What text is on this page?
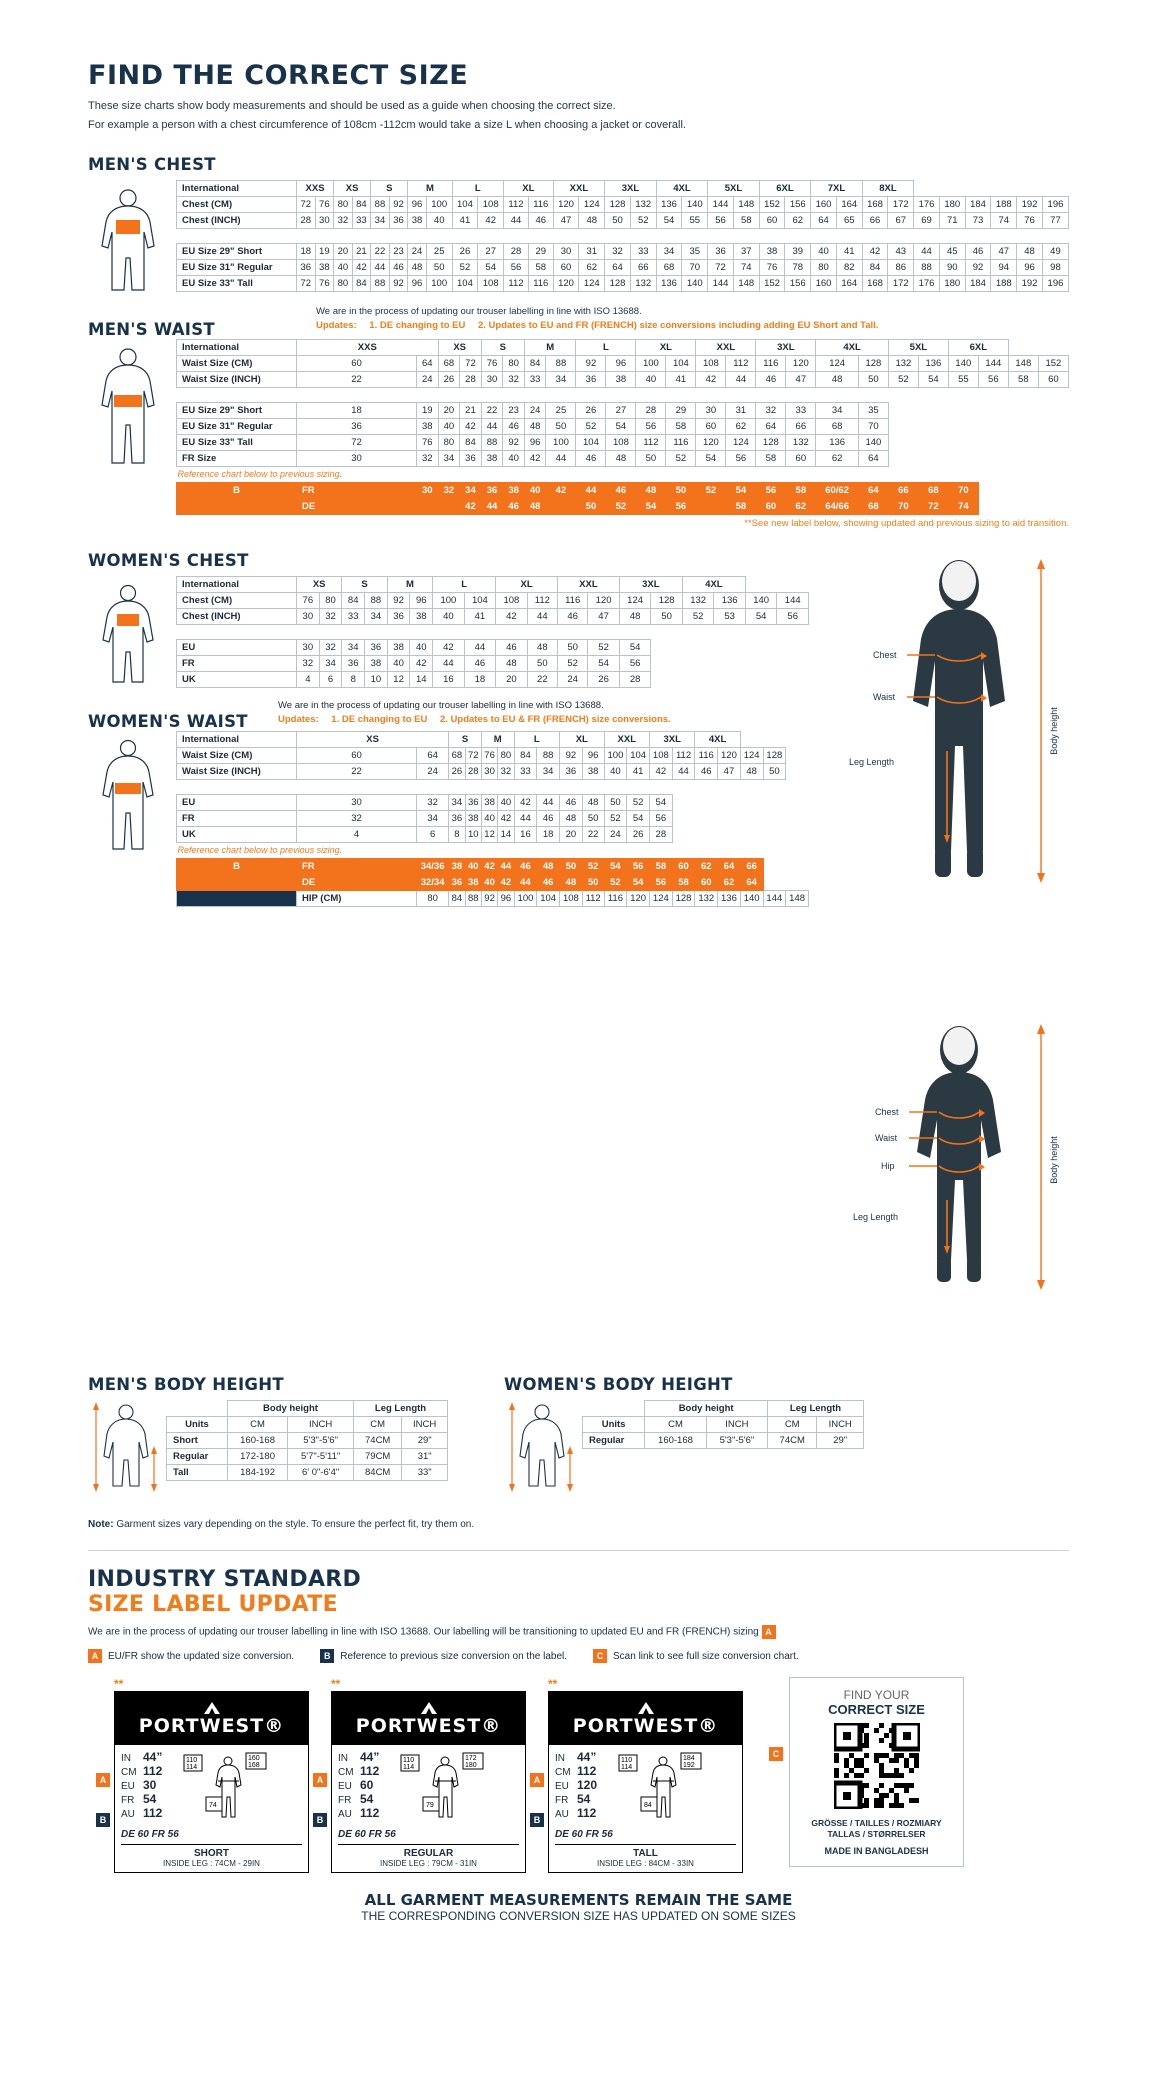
FIND THE CORRECT SIZE
These size charts show body measurements and should be used as a guide when choosing the correct size.
For example a person with a chest circumference of 108cm -112cm would take a size L when choosing a jacket or coverall.
MEN'S CHEST
International	XXS		XS		S		M		L		XL		XXL		3XL		4XL		5XL		6XL		7XL		8XL							
Chest (CM)	72	76	80	84	88	92	96	100	104	108	112	116	120	124	128	132	136	140	144	148	152	156	160	164	168	172	176	180	184	188	192	196
Chest (INCH)	28	30	32	33	34	36	38	40	41	42	44	46	47	48	50	52	54	55	56	58	60	62	64	65	66	67	69	71	73	74	76	77

EU Size 29" Short	18	19	20	21	22	23	24	25	26	27	28	29	30	31	32	33	34	35	36	37	38	39	40	41	42	43	44	45	46	47	48	49
EU Size 31" Regular	36	38	40	42	44	46	48	50	52	54	56	58	60	62	64	66	68	70	72	74	76	78	80	82	84	86	88	90	92	94	96	98
EU Size 33" Tall	72	76	80	84	88	92	96	100	104	108	112	116	120	124	128	132	136	140	144	148	152	156	160	164	168	172	176	180	184	188	192	196
MEN'S WAIST
We are in the process of updating our trouser labelling in line with ISO 13688.
Updates: 1. DE changing to EU 2. Updates to EU and FR (FRENCH) size conversions including adding EU Short and Tall.
International	XXS		XS		S		M		L		XL		XXL		3XL		4XL		5XL		6XL			
Waist Size (CM)	60	64	68	72	76	80	84	88	92	96	100	104	108	112	116	120	124	128	132	136	140	144	148	152
Waist Size (INCH)	22	24	26	28	30	32	33	34	36	38	40	41	42	44	46	47	48	50	52	54	55	56	58	60

EU Size 29" Short	18	19	20	21	22	23	24	25	26	27	28	29	30	31	32	33	34	35						
EU Size 31" Regular	36	38	40	42	44	46	48	50	52	54	56	58	60	62	64	66	68	70						
EU Size 33" Tall	72	76	80	84	88	92	96	100	104	108	112	116	120	124	128	132	136	140						
FR Size	30	32	34	36	38	40	42	44	46	48	50	52	54	56	58	60	62	64						
Reference chart below to previous sizing.																								
B	FR	30	32	34	36	38	40	42	44	46	48	50	52	54	56	58	60/62	64	66	68	70			
	DE			42	44	46	48		50	52	54	56		58	60	62	64/66	68	70	72	74			
**See new label below, showing updated and previous sizing to aid transition.
WOMEN'S CHEST
International	XS		S		M		L		XL		XXL		3XL		4XL			
Chest (CM)	76	80	84	88	92	96	100	104	108	112	116	120	124	128	132	136	140	144
Chest (INCH)	30	32	33	34	36	38	40	41	42	44	46	47	48	50	52	53	54	56

EU	30	32	34	36	38	40	42	44	46	48	50	52	54					
FR	32	34	36	38	40	42	44	46	48	50	52	54	56					
UK	4	6	8	10	12	14	16	18	20	22	24	26	28					
WOMEN'S WAIST
We are in the process of updating our trouser labelling in line with ISO 13688.
Updates: 1. DE changing to EU 2. Updates to EU & FR (FRENCH) size conversions.
International	XS		S		M		L		XL		XXL		3XL		4XL				
Waist Size (CM)	60	64	68	72	76	80	84	88	92	96	100	104	108	112	116	120	124	128	
Waist Size (INCH)	22	24	26	28	30	32	33	34	36	38	40	41	42	44	46	47	48	50	

EU	30	32	34	36	38	40	42	44	46	48	50	52	54						
FR	32	34	36	38	40	42	44	46	48	50	52	54	56						
UK	4	6	8	10	12	14	16	18	20	22	24	26	28						
Reference chart below to previous sizing.																			
B	FR	34/36	38	40	42	44	46	48	50	52	54	56	58	60	62	64	66		
	DE	32/34	36	38	40	42	44	46	48	50	52	54	56	58	60	62	64		
	HIP (CM)	80	84	88	92	96	100	104	108	112	116	120	124	128	132	136	140	144	148
Chest
Waist
Leg Length
Body height

Chest
Waist
Hip
Leg Length
Body height
MEN'S BODY HEIGHT
	Body height		Leg Length	
Units	CM	INCH	CM	INCH
Short	160-168	5'3"-5'6"	74CM	29"
Regular	172-180	5'7"-5'11"	79CM	31"
Tall	184-192	6' 0"-6'4"	84CM	33"
WOMEN'S BODY HEIGHT
	Body height		Leg Length	
Units	CM	INCH	CM	INCH
Regular	160-168	5'3"-5'6"	74CM	29"
Note: Garment sizes vary depending on the style. To ensure the perfect fit, try them on.
INDUSTRY STANDARD
SIZE LABEL UPDATE
We are in the process of updating our trouser labelling in line with ISO 13688. Our labelling will be transitioning to updated EU and FR (FRENCH) sizing A
A EU/FR show the updated size conversion.	B Reference to previous size conversion on the label.	C Scan link to see full size conversion chart.
**
PORTWEST®
IN 44”
CM 112
EU 30
FR 54
AU 112
110
114
160
168
74
DE 60 FR 56
SHORT
INSIDE LEG : 74CM - 29IN
A
B
**
PORTWEST®
IN 44”
CM 112
EU 60
FR 54
AU 112
110
114
172
180
79
DE 60 FR 56
REGULAR
INSIDE LEG : 79CM - 31IN
A
B
**
PORTWEST®
IN 44”
CM 112
EU 120
FR 54
AU 112
110
114
184
192
84
DE 60 FR 56
TALL
INSIDE LEG : 84CM - 33IN
A
B
C
FIND YOUR
CORRECT SIZE
GRÖSSE / TAILLES / ROZMIARY
TALLAS / STØRRELSER
MADE IN BANGLADESH
ALL GARMENT MEASUREMENTS REMAIN THE SAME
THE CORRESPONDING CONVERSION SIZE HAS UPDATED ON SOME SIZES
